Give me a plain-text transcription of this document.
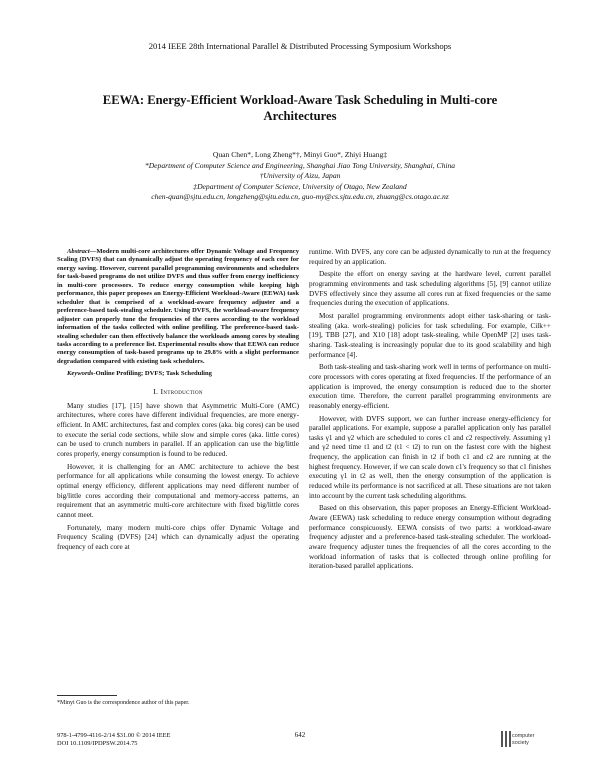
2014 IEEE 28th International Parallel & Distributed Processing Symposium Workshops
EEWA: Energy-Efficient Workload-Aware Task Scheduling in Multi-core
Architectures
Quan Chen*, Long Zheng*†, Minyi Guo*, Zhiyi Huang‡
*Department of Computer Science and Engineering, Shanghai Jiao Tong University, Shanghai, China
†University of Aizu, Japan
‡Department of Computer Science, University of Otago, New Zealand
chen-quan@sjtu.edu.cn, longzheng@sjtu.edu.cn, guo-my@cs.sjtu.edu.cn, zhuang@cs.otago.ac.nz

Abstract—Modern multi-core architectures offer Dynamic Voltage and Frequency Scaling (DVFS) that can dynamically adjust the operating frequency of each core for energy saving. However, current parallel programming environments and schedulers for task-based programs do not utilize DVFS and thus suffer from energy inefficiency in multi-core processors. To reduce energy consumption while keeping high performance, this paper proposes an Energy-Efficient Workload-Aware (EEWA) task scheduler that is comprised of a workload-aware frequency adjuster and a preference-based task-stealing scheduler. Using DVFS, the workload-aware frequency adjuster can properly tune the frequencies of the cores according to the workload information of the tasks collected with online profiling. The preference-based task-stealing scheduler can then effectively balance the workloads among cores by stealing tasks according to a preference list. Experimental results show that EEWA can reduce energy consumption of task-based programs up to 29.8% with a slight performance degradation compared with existing task schedulers.

Keywords-Online Profiling; DVFS; Task Scheduling

I. Introduction

Many studies [17], [15] have shown that Asymmetric Multi-Core (AMC) architectures, where cores have different individual frequencies, are more energy-efficient. In AMC architectures, fast and complex cores (aka. big cores) can be used to execute the serial code sections, while slow and simple cores (aka. little cores) can be used to crunch numbers in parallel. If an application can use the big/little cores properly, energy consumption is found to be reduced.

However, it is challenging for an AMC architecture to achieve the best performance for all applications while consuming the lowest energy. To achieve optimal energy efficiency, different applications may need different number of big/little cores according their computational and memory-access patterns, an requirement that an asymmetric multi-core architecture with fixed big/little cores cannot meet.

Fortunately, many modern multi-core chips offer Dynamic Voltage and Frequency Scaling (DVFS) [24] which can dynamically adjust the operating frequency of each core at

*Minyi Guo is the correspondence author of this paper.

runtime. With DVFS, any core can be adjusted dynamically to run at the frequency required by an application.

Despite the effort on energy saving at the hardware level, current parallel programming environments and task scheduling algorithms [5], [9] cannot utilize DVFS effectively since they assume all cores run at fixed frequencies or the same frequencies during the execution of applications.

Most parallel programming environments adopt either task-sharing or task-stealing (aka. work-stealing) policies for task scheduling. For example, Cilk++ [19], TBB [27], and X10 [18] adopt task-stealing, while OpenMP [2] uses task-sharing. Task-stealing is increasingly popular due to its good scalability and high performance [4].

Both task-stealing and task-sharing work well in terms of performance on multi-core processors with cores operating at fixed frequencies. If the performance of an application is improved, the energy consumption is reduced due to the shorter execution time. Therefore, the current parallel programming environments are reasonably energy-efficient.

However, with DVFS support, we can further increase energy-efficiency for parallel applications. For example, suppose a parallel application only has parallel tasks γ1 and γ2 which are scheduled to cores c1 and c2 respectively. Assuming γ1 and γ2 need time t1 and t2 (t1 < t2) to run on the fastest core with the highest frequency, the application can finish in t2 if both c1 and c2 are running at the highest frequency. However, if we can scale down c1's frequency so that c1 finishes executing γ1 in t2 as well, then the energy consumption of the application is reduced while its performance is not sacrificed at all. These situations are not taken into account by the current task scheduling algorithms.

Based on this observation, this paper proposes an Energy-Efficient Workload-Aware (EEWA) task scheduling to reduce energy consumption without degrading performance conspicuously. EEWA consists of two parts: a workload-aware frequency adjuster and a preference-based task-stealing scheduler. The workload-aware frequency adjuster tunes the frequencies of all the cores according to the workload information of tasks that is collected through online profiling for iteration-based parallel applications.

978-1-4799-4116-2/14 $31.00 © 2014 IEEE
DOI 10.1109/IPDPSW.2014.75
642	computer
society
